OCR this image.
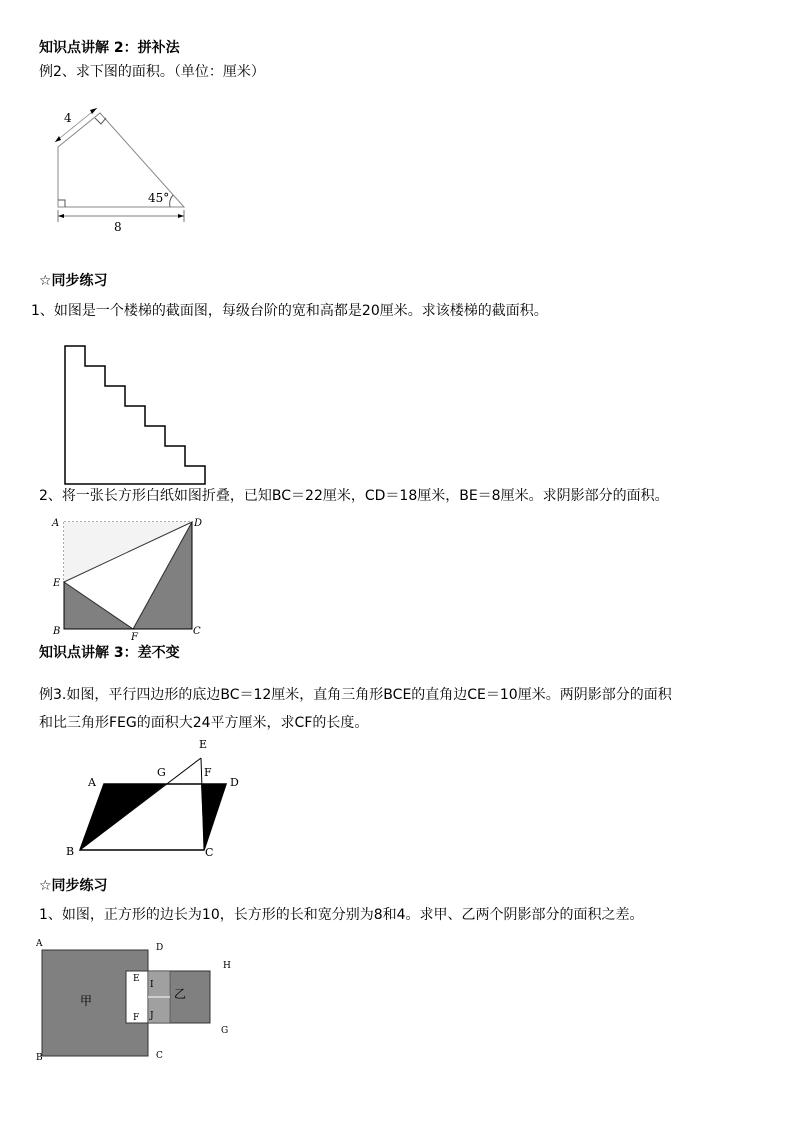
知识点讲解 2：拼补法
例2、求下图的面积。（单位：厘米）
4
45°
8
☆同步练习
1、如图是一个楼梯的截面图，每级台阶的宽和高都是20厘米。求该楼梯的截面积。
2、将一张长方形白纸如图折叠，已知BC＝22厘米，CD＝18厘米，BE＝8厘米。求阴影部分的面积。
A	D
E
B
F
C
知识点讲解 3：差不变
例3.如图，平行四边形的底边BC＝12厘米，直角三角形BCE的直角边CE＝10厘米。两阴影部分的面积
和比三角形FEG的面积大24平方厘米，求CF的长度。
E
A
G	F
D
B	C
☆同步练习
1、如图，正方形的边长为10，长方形的长和宽分别为8和4。求甲、乙两个阴影部分的面积之差。
A	D
H
E
I
甲	乙
F J
G
B	C
